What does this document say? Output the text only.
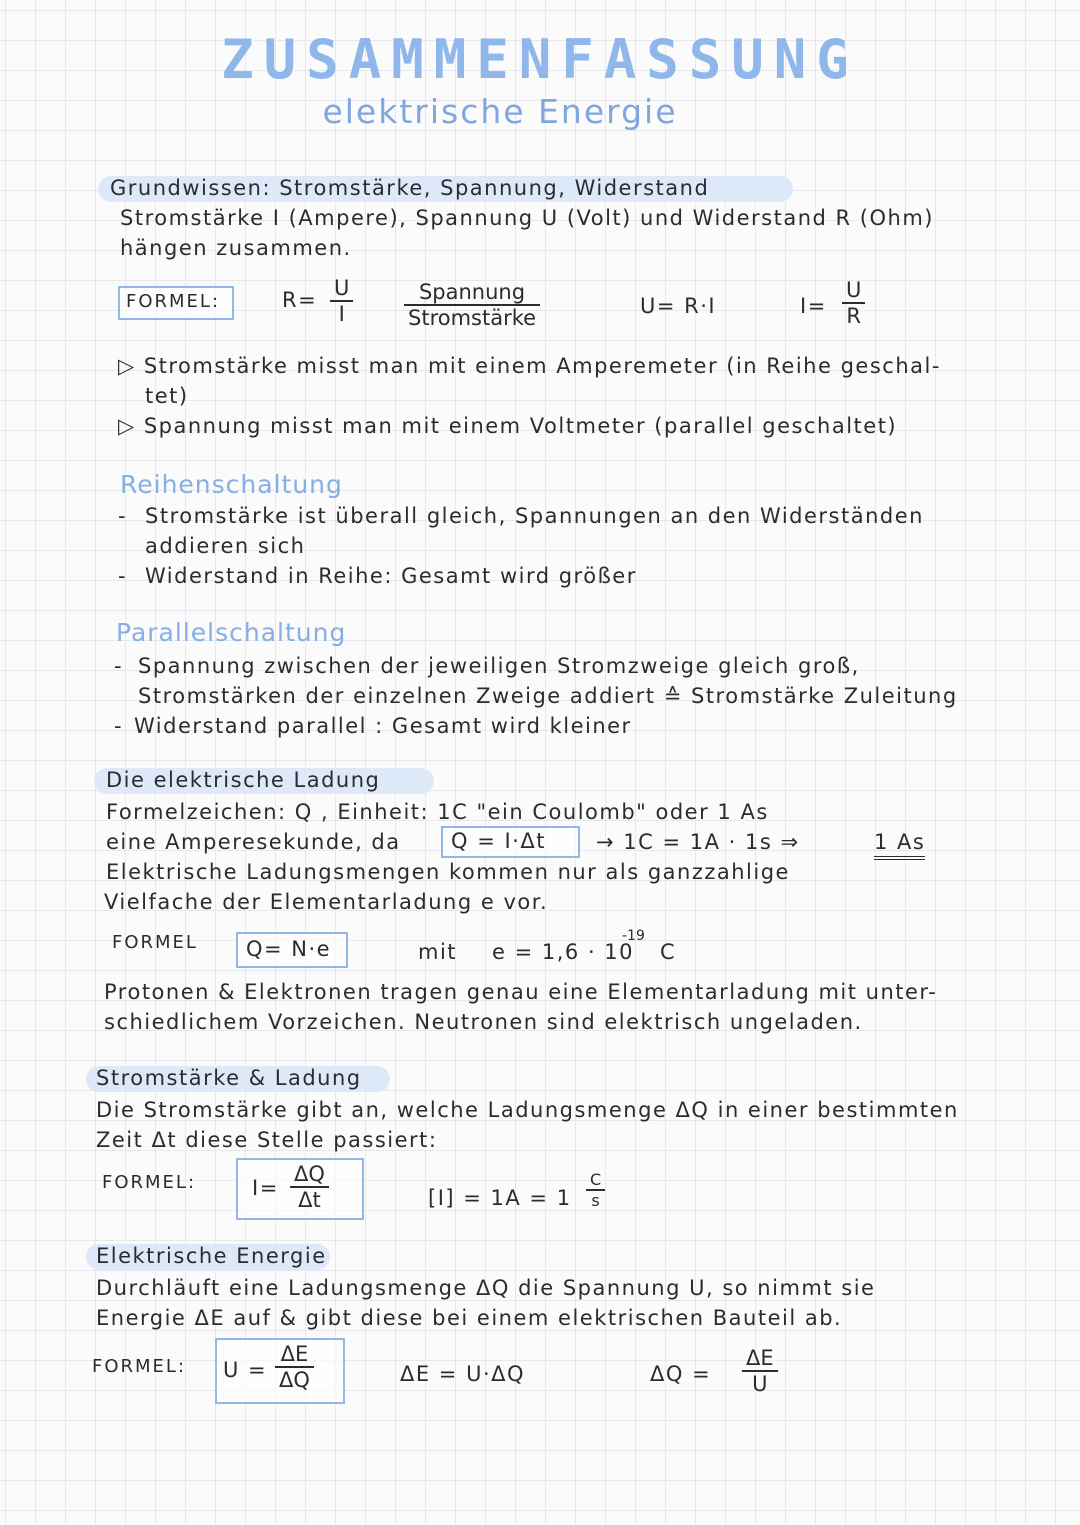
ZUSAMMENFASSUNG
elektrische Energie
Grundwissen: Stromstärke, Spannung, Widerstand
Stromstärke I (Ampere), Spannung U (Volt) und Widerstand R (Ohm)
hängen zusammen.
FORMEL:	R= U
I
Spannung
Stromstärke	U= R·I	I=
U
R
▷ Stromstärke misst man mit einem Amperemeter (in Reihe geschal-
tet)
▷ Spannung misst man mit einem Voltmeter (parallel geschaltet)
Reihenschaltung
- Stromstärke ist überall gleich, Spannungen an den Widerständen
addieren sich
- Widerstand in Reihe: Gesamt wird größer
Parallelschaltung
- Spannung zwischen der jeweiligen Stromzweige gleich groß,
Stromstärken der einzelnen Zweige addiert ≙ Stromstärke Zuleitung
- Widerstand parallel : Gesamt wird kleiner
Die elektrische Ladung
Formelzeichen: Q , Einheit: 1C "ein Coulomb" oder 1 As
eine Amperesekunde, da Q = I·Δt → 1C = 1A · 1s ⇒	1 As
Elektrische Ladungsmengen kommen nur als ganzzahlige
Vielfache der Elementarladung e vor.
FORMEL Q= N·e	mit e = 1,6 · 10
-19
C
Protonen & Elektronen tragen genau eine Elementarladung mit unter-
schiedlichem Vorzeichen. Neutronen sind elektrisch ungeladen.
Stromstärke & Ladung
Die Stromstärke gibt an, welche Ladungsmenge ΔQ in einer bestimmten
Zeit Δt diese Stelle passiert:
FORMEL:	I=
ΔQ
Δt	[I] = 1A = 1
C
s
Elektrische Energie
Durchläuft eine Ladungsmenge ΔQ die Spannung U, so nimmt sie
Energie ΔE auf & gibt diese bei einem elektrischen Bauteil ab.
FORMEL: U =
ΔE
ΔQ	ΔE = U·ΔQ	ΔQ =
ΔE
U
